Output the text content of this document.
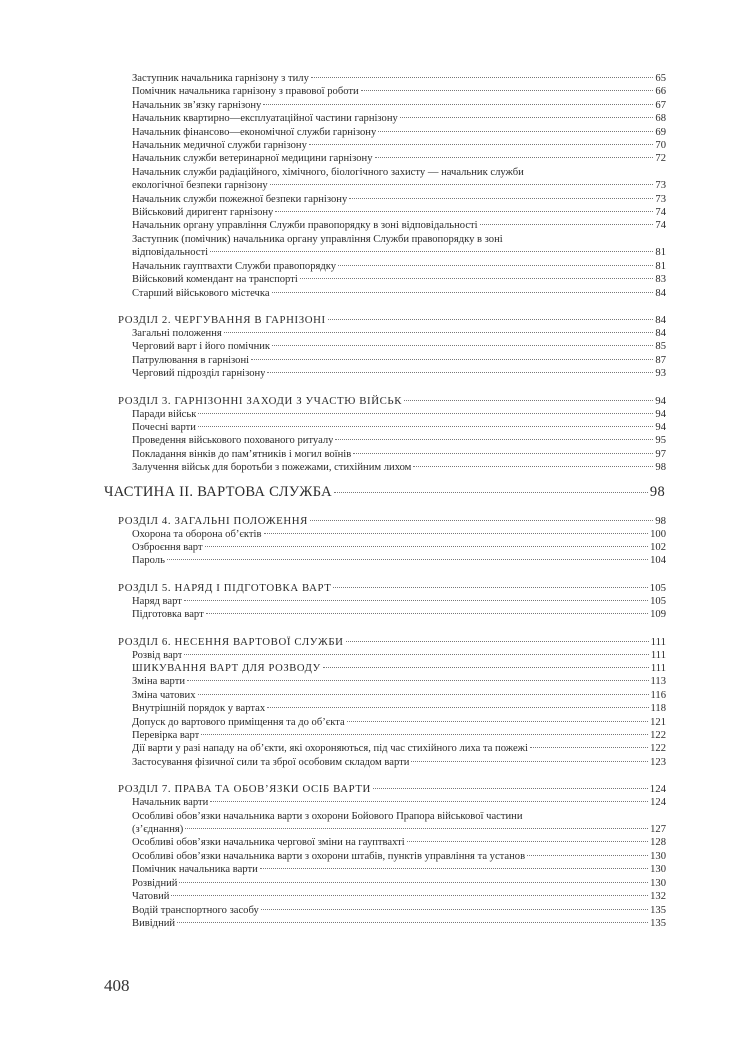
Заступник начальника гарнізону з тилу	65
Помічник начальника гарнізону з правової роботи	66
Начальник зв’язку гарнізону	67
Начальник квартирно—експлуатаційної частини гарнізону	68
Начальник фінансово—економічної служби гарнізону	69
Начальник медичної служби гарнізону	70
Начальник служби ветеринарної медицини гарнізону	72
Начальник служби радіаційного, хімічного, біологічного захисту — начальник служби
екологічної безпеки гарнізону	73
Начальник служби пожежної безпеки гарнізону	73
Військовий диригент гарнізону	74
Начальник органу управління Служби правопорядку в зоні відповідальності	74
Заступник (помічник) начальника органу управління Служби правопорядку в зоні
відповідальності	81
Начальник гауптвахти Служби правопорядку	81
Військовий комендант на транспорті	83
Старший військового містечка	84
РОЗДІЛ 2. ЧЕРГУВАННЯ В ГАРНІЗОНІ	84
Загальні положення	84
Черговий варт і його помічник	85
Патрулювання в гарнізоні	87
Черговий підрозділ гарнізону	93
РОЗДІЛ 3. ГАРНІЗОННІ ЗАХОДИ З УЧАСТЮ ВІЙСЬК	94
Паради військ	94
Почесні варти	94
Проведення військового похованого ритуалу	95
Покладання вінків до пам’ятників і могил воїнів	97
Залучення військ для боротьби з пожежами, стихійним лихом	98
ЧАСТИНА ІІ. ВАРТОВА СЛУЖБА	98
РОЗДІЛ 4. ЗАГАЛЬНІ ПОЛОЖЕННЯ	98
Охорона та оборона об’єктів	100
Озброєння варт	102
Пароль	104
РОЗДІЛ 5. НАРЯД І ПІДГОТОВКА ВАРТ	105
Наряд варт	105
Підготовка варт	109
РОЗДІЛ 6. НЕСЕННЯ ВАРТОВОЇ СЛУЖБИ	111
Розвід варт	111
ШИКУВАННЯ ВАРТ ДЛЯ РОЗВОДУ	111
Зміна варти	113
Зміна чатових	116
Внутрішній порядок у вартах	118
Допуск до вартового приміщення та до об’єкта	121
Перевірка варт	122
Дії варти у разі нападу на об’єкти, які охороняються, під час стихійного лиха та пожежі	122
Застосування фізичної сили та зброї особовим складом варти	123
РОЗДІЛ 7. ПРАВА ТА ОБОВ’ЯЗКИ ОСІБ ВАРТИ	124
Начальник варти	124
Особливі обов’язки начальника варти з охорони Бойового Прапора військової частини
(з’єднання)	127
Особливі обов’язки начальника чергової зміни на гауптвахті	128
Особливі обов’язки начальника варти з охорони штабів, пунктів управління та установ	130
Помічник начальника варти	130
Розвідний	130
Чатовий	132
Водій транспортного засобу	135
Вивідний	135
408
